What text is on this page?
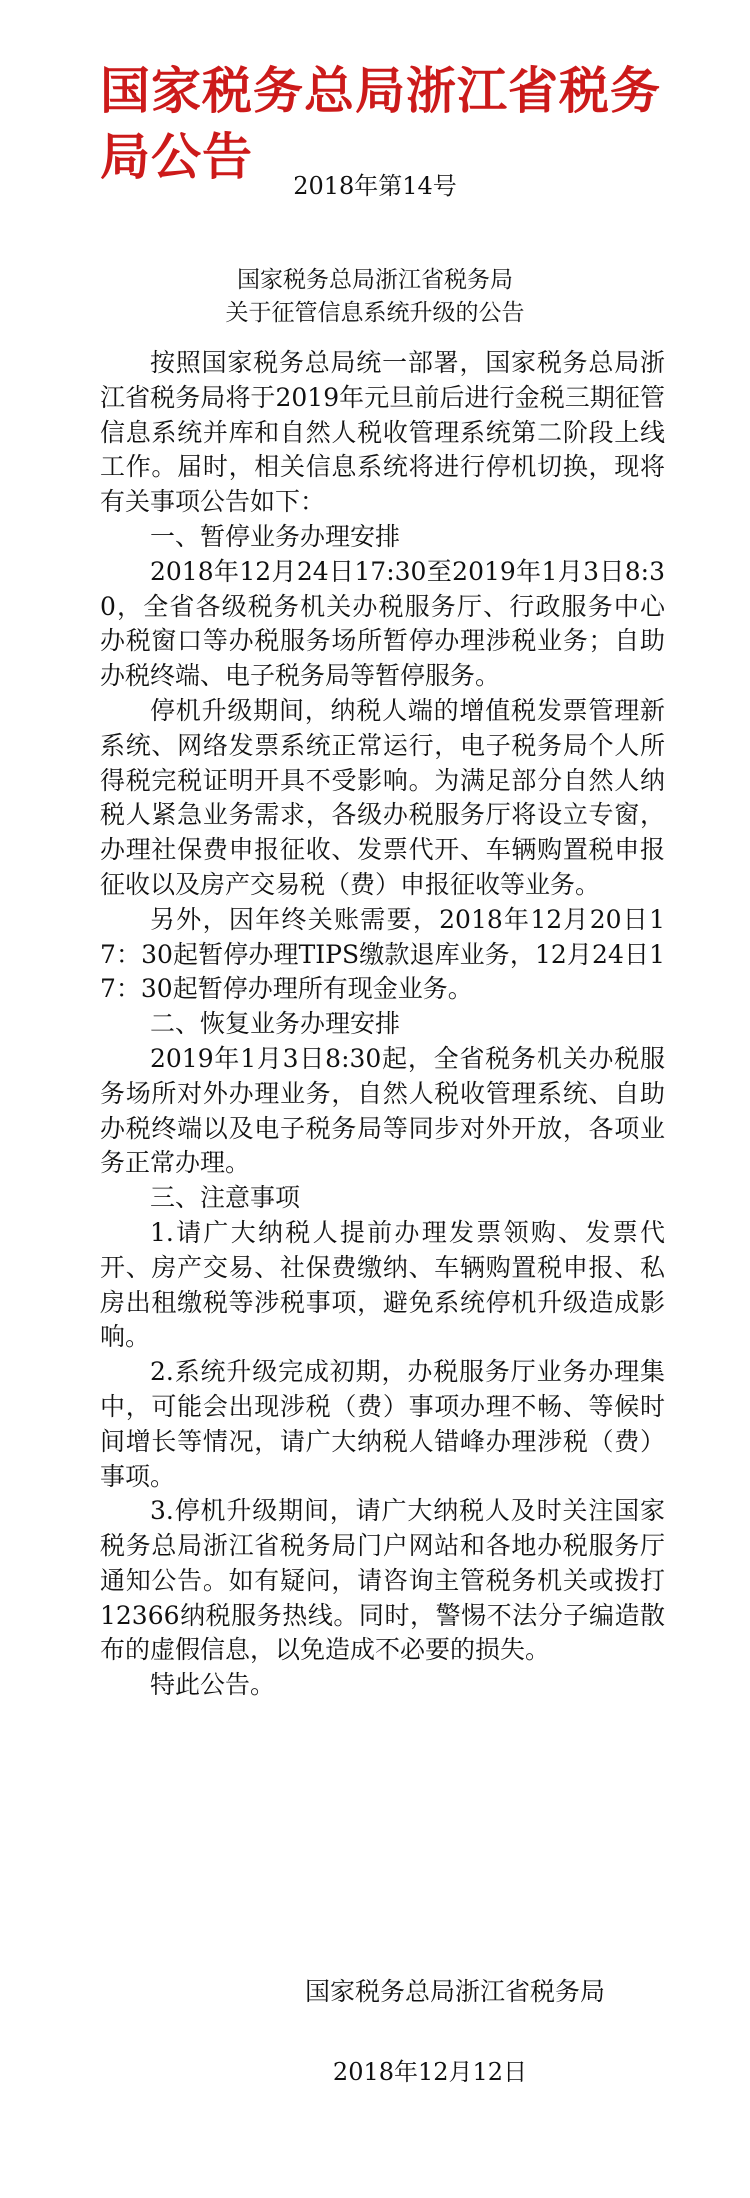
国家税务总局浙江省税务局公告	2018年第14号
国家税务总局浙江省税务局
关于征管信息系统升级的公告

按照国家税务总局统一部署，国家税务总局浙江省税务局将于2019年元旦前后进行金税三期征管信息系统并库和自然人税收管理系统第二阶段上线工作。届时，相关信息系统将进行停机切换，现将有关事项公告如下：

一、暂停业务办理安排

2018年12月24日17:30至2019年1月3日8:30，全省各级税务机关办税服务厅、行政服务中心办税窗口等办税服务场所暂停办理涉税业务；自助办税终端、电子税务局等暂停服务。

停机升级期间，纳税人端的增值税发票管理新系统、网络发票系统正常运行，电子税务局个人所得税完税证明开具不受影响。为满足部分自然人纳税人紧急业务需求，各级办税服务厅将设立专窗，办理社保费申报征收、发票代开、车辆购置税申报征收以及房产交易税（费）申报征收等业务。

另外，因年终关账需要，2018年12月20日17：30起暂停办理TIPS缴款退库业务，12月24日17：30起暂停办理所有现金业务。

二、恢复业务办理安排

2019年1月3日8:30起，全省税务机关办税服务场所对外办理业务，自然人税收管理系统、自助办税终端以及电子税务局等同步对外开放，各项业务正常办理。

三、注意事项

1.请广大纳税人提前办理发票领购、发票代开、房产交易、社保费缴纳、车辆购置税申报、私房出租缴税等涉税事项，避免系统停机升级造成影响。

2.系统升级完成初期，办税服务厅业务办理集中，可能会出现涉税（费）事项办理不畅、等候时间增长等情况，请广大纳税人错峰办理涉税（费）事项。

3.停机升级期间，请广大纳税人及时关注国家税务总局浙江省税务局门户网站和各地办税服务厅通知公告。如有疑问，请咨询主管税务机关或拨打12366纳税服务热线。同时，警惕不法分子编造散布的虚假信息，以免造成不必要的损失。

特此公告。

国家税务总局浙江省税务局

2018年12月12日
